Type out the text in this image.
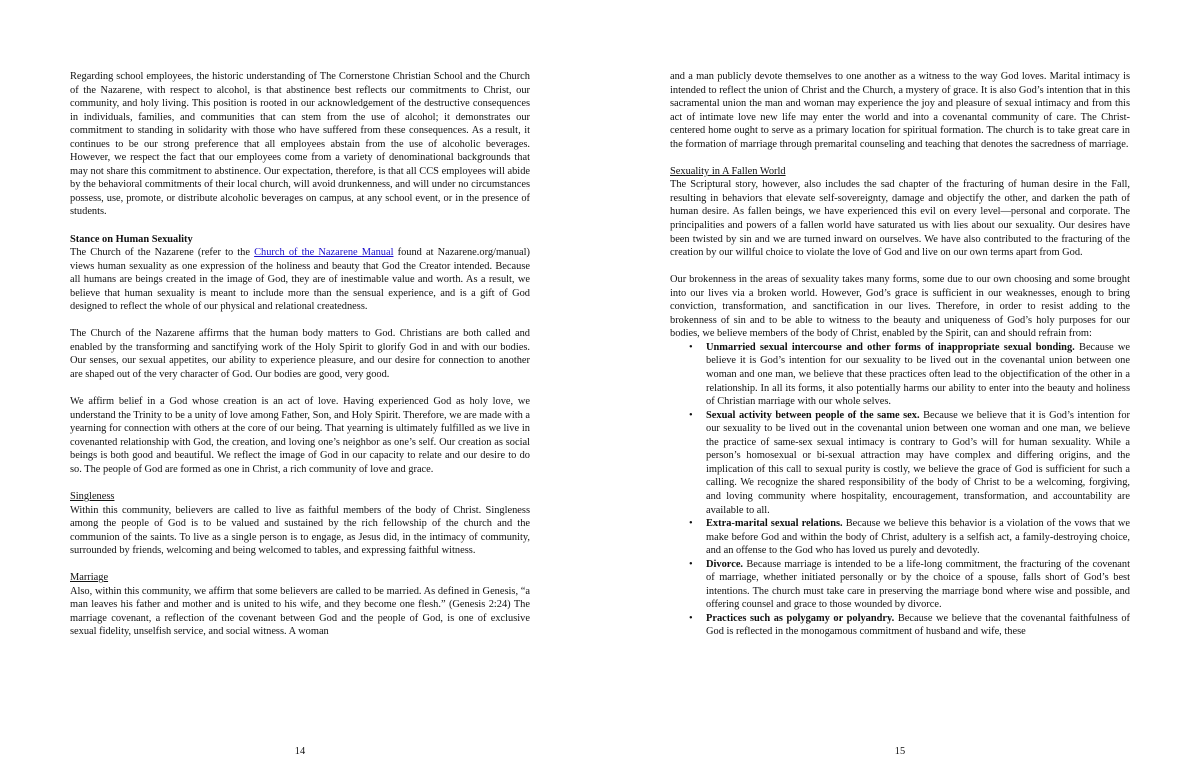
Regarding school employees, the historic understanding of The Cornerstone Christian School and the Church of the Nazarene, with respect to alcohol, is that abstinence best reflects our commitments to Christ, our community, and holy living. This position is rooted in our acknowledgement of the destructive consequences in individuals, families, and communities that can stem from the use of alcohol; it demonstrates our commitment to standing in solidarity with those who have suffered from these consequences. As a result, it continues to be our strong preference that all employees abstain from the use of alcoholic beverages. However, we respect the fact that our employees come from a variety of denominational backgrounds that may not share this commitment to abstinence. Our expectation, therefore, is that all CCS employees will abide by the behavioral commitments of their local church, will avoid drunkenness, and will under no circumstances possess, use, promote, or distribute alcoholic beverages on campus, at any school event, or in the presence of students.

Stance on Human Sexuality
The Church of the Nazarene (refer to the Church of the Nazarene Manual found at Nazarene.org/manual) views human sexuality as one expression of the holiness and beauty that God the Creator intended. Because all humans are beings created in the image of God, they are of inestimable value and worth. As a result, we believe that human sexuality is meant to include more than the sensual experience, and is a gift of God designed to reflect the whole of our physical and relational createdness.

The Church of the Nazarene affirms that the human body matters to God. Christians are both called and enabled by the transforming and sanctifying work of the Holy Spirit to glorify God in and with our bodies. Our senses, our sexual appetites, our ability to experience pleasure, and our desire for connection to another are shaped out of the very character of God. Our bodies are good, very good.

We affirm belief in a God whose creation is an act of love. Having experienced God as holy love, we understand the Trinity to be a unity of love among Father, Son, and Holy Spirit. Therefore, we are made with a yearning for connection with others at the core of our being. That yearning is ultimately fulfilled as we live in covenanted relationship with God, the creation, and loving one’s neighbor as one’s self. Our creation as social beings is both good and beautiful. We reflect the image of God in our capacity to relate and our desire to do so. The people of God are formed as one in Christ, a rich community of love and grace.

Singleness
Within this community, believers are called to live as faithful members of the body of Christ. Singleness among the people of God is to be valued and sustained by the rich fellowship of the church and the communion of the saints. To live as a single person is to engage, as Jesus did, in the intimacy of community, surrounded by friends, welcoming and being welcomed to tables, and expressing faithful witness.

Marriage
Also, within this community, we affirm that some believers are called to be married. As defined in Genesis, “a man leaves his father and mother and is united to his wife, and they become one flesh.” (Genesis 2:24) The marriage covenant, a reflection of the covenant between God and the people of God, is one of exclusive sexual fidelity, unselfish service, and social witness. A woman

14

and a man publicly devote themselves to one another as a witness to the way God loves. Marital intimacy is intended to reflect the union of Christ and the Church, a mystery of grace. It is also God’s intention that in this sacramental union the man and woman may experience the joy and pleasure of sexual intimacy and from this act of intimate love new life may enter the world and into a covenantal community of care. The Christ-centered home ought to serve as a primary location for spiritual formation. The church is to take great care in the formation of marriage through premarital counseling and teaching that denotes the sacredness of marriage.

Sexuality in A Fallen World
The Scriptural story, however, also includes the sad chapter of the fracturing of human desire in the Fall, resulting in behaviors that elevate self-sovereignty, damage and objectify the other, and darken the path of human desire. As fallen beings, we have experienced this evil on every level—personal and corporate. The principalities and powers of a fallen world have saturated us with lies about our sexuality. Our desires have been twisted by sin and we are turned inward on ourselves. We have also contributed to the fracturing of the creation by our willful choice to violate the love of God and live on our own terms apart from God.

Our brokenness in the areas of sexuality takes many forms, some due to our own choosing and some brought into our lives via a broken world. However, God’s grace is sufficient in our weaknesses, enough to bring conviction, transformation, and sanctification in our lives. Therefore, in order to resist adding to the brokenness of sin and to be able to witness to the beauty and uniqueness of God’s holy purposes for our bodies, we believe members of the body of Christ, enabled by the Spirit, can and should refrain from:

• Unmarried sexual intercourse and other forms of inappropriate sexual bonding. Because we believe it is God’s intention for our sexuality to be lived out in the covenantal union between one woman and one man, we believe that these practices often lead to the objectification of the other in a relationship. In all its forms, it also potentially harms our ability to enter into the beauty and holiness of Christian marriage with our whole selves.
• Sexual activity between people of the same sex. Because we believe that it is God’s intention for our sexuality to be lived out in the covenantal union between one woman and one man, we believe the practice of same-sex sexual intimacy is contrary to God’s will for human sexuality. While a person’s homosexual or bi-sexual attraction may have complex and differing origins, and the implication of this call to sexual purity is costly, we believe the grace of God is sufficient for such a calling. We recognize the shared responsibility of the body of Christ to be a welcoming, forgiving, and loving community where hospitality, encouragement, transformation, and accountability are available to all.
• Extra-marital sexual relations. Because we believe this behavior is a violation of the vows that we make before God and within the body of Christ, adultery is a selfish act, a family-destroying choice, and an offense to the God who has loved us purely and devotedly.
• Divorce. Because marriage is intended to be a life-long commitment, the fracturing of the covenant of marriage, whether initiated personally or by the choice of a spouse, falls short of God’s best intentions. The church must take care in preserving the marriage bond where wise and possible, and offering counsel and grace to those wounded by divorce.
• Practices such as polygamy or polyandry. Because we believe that the covenantal faithfulness of God is reflected in the monogamous commitment of husband and wife, these
15
